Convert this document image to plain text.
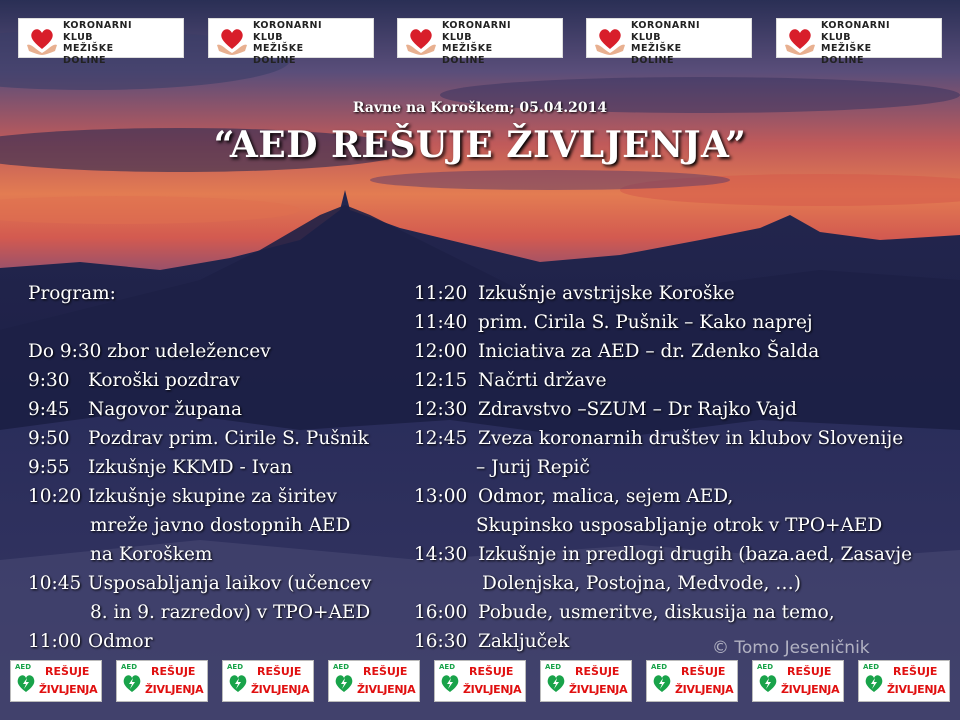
KORONARNI
KLUB
MEŽIŠKE
DOLINE
KORONARNI
KLUB
MEŽIŠKE
DOLINE
KORONARNI
KLUB
MEŽIŠKE
DOLINE
KORONARNI
KLUB
MEŽIŠKE
DOLINE
KORONARNI
KLUB
MEŽIŠKE
DOLINE
Ravne na Koroškem; 05.04.2014
“AED REŠUJE ŽIVLJENJA”
Program:
Do 9:30
zbor udeležencev
9:30 Koroški pozdrav
9:45 Nagovor župana
9:50 Pozdrav prim. Cirile S. Pušnik
9:55 Izkušnje KKMD - Ivan
10:20 Izkušnje skupine za širitev
mreže javno dostopnih AED
na Koroškem
10:45 Usposabljanja laikov (učencev
8. in 9. razredov) v TPO+AED
11:00 Odmor
11:20 Izkušnje avstrijske Koroške
11:40 prim. Cirila S. Pušnik – Kako naprej
12:00 Iniciativa za AED – dr. Zdenko Šalda
12:15 Načrti države
12:30 Zdravstvo –SZUM – Dr Rajko Vajd
12:45 Zveza koronarnih društev in klubov Slovenije
– Jurij Repič
13:00 Odmor, malica, sejem AED,
Skupinsko usposabljanje otrok v TPO+AED
14:30 Izkušnje in predlogi drugih (baza.aed, Zasavje
Dolenjska, Postojna, Medvode, …)
16:00 Pobude, usmeritve, diskusija na temo,
16:30 Zaključek	© Tomo Jeseničnik
AED REŠUJE
ŽIVLJENJA
AED REŠUJE
ŽIVLJENJA
AED REŠUJE
ŽIVLJENJA
AED REŠUJE
ŽIVLJENJA
AED REŠUJE
ŽIVLJENJA
AED REŠUJE
ŽIVLJENJA
AED REŠUJE
ŽIVLJENJA
AED REŠUJE
ŽIVLJENJA
AED REŠUJE
ŽIVLJENJA
